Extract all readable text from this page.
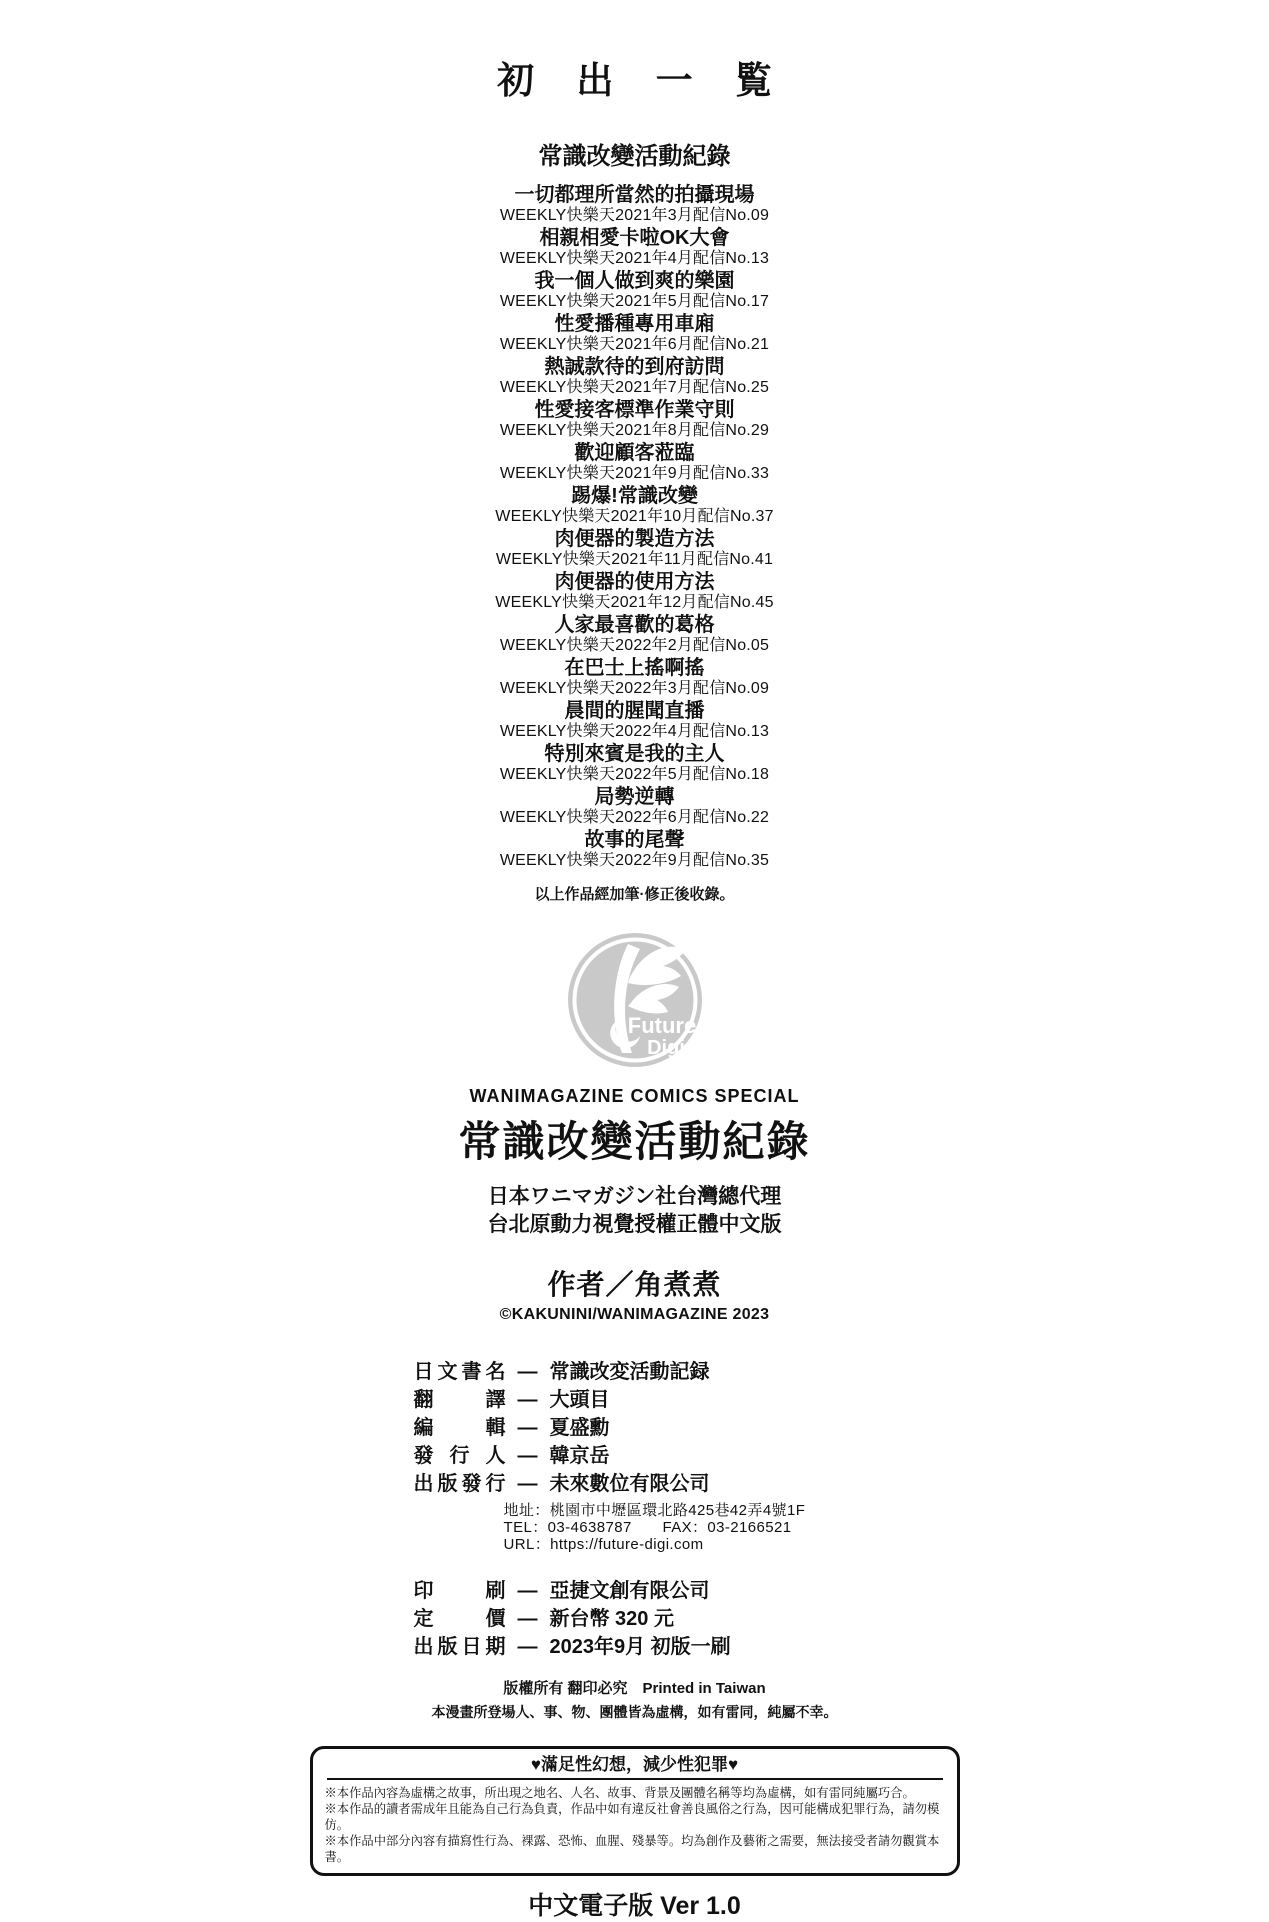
初 出 一 覧
常識改變活動紀錄
一切都理所當然的拍攝現場
WEEKLY快樂天2021年3月配信No.09
相親相愛卡啦OK大會
WEEKLY快樂天2021年4月配信No.13
我一個人做到爽的樂園
WEEKLY快樂天2021年5月配信No.17
性愛播種專用車廂
WEEKLY快樂天2021年6月配信No.21
熱誠款待的到府訪問
WEEKLY快樂天2021年7月配信No.25
性愛接客標準作業守則
WEEKLY快樂天2021年8月配信No.29
歡迎顧客蒞臨
WEEKLY快樂天2021年9月配信No.33
踢爆!常識改變
WEEKLY快樂天2021年10月配信No.37
肉便器的製造方法
WEEKLY快樂天2021年11月配信No.41
肉便器的使用方法
WEEKLY快樂天2021年12月配信No.45
人家最喜歡的葛格
WEEKLY快樂天2022年2月配信No.05
在巴士上搖啊搖
WEEKLY快樂天2022年3月配信No.09
晨間的腥聞直播
WEEKLY快樂天2022年4月配信No.13
特別來賓是我的主人
WEEKLY快樂天2022年5月配信No.18
局勢逆轉
WEEKLY快樂天2022年6月配信No.22
故事的尾聲
WEEKLY快樂天2022年9月配信No.35

以上作品經加筆·修正後收錄。

Future
Digi
WANIMAGAZINE COMICS SPECIAL
常識改變活動紀錄

日本ワニマガジン社台灣總代理

台北原動力視覺授權正體中文版

作者／角煮煮
©KAKUNINI/WANIMAGAZINE 2023
日文書名 — 常識改変活動記録
翻譯 — 大頭目
編輯 — 夏盛勳
發行人 — 韓京岳
出版發行 — 未來數位有限公司

地址：桃園市中壢區環北路425巷42弄4號1F

TEL：03-4638787　　FAX：03-2166521

URL：https://future-digi.com

印刷 — 亞捷文創有限公司
定價 — 新台幣 320 元
出版日期 — 2023年9月 初版一刷

版權所有 翻印必究　Printed in Taiwan

本漫畫所登場人、事、物、團體皆為虛構，如有雷同，純屬不幸。

♥滿足性幻想，減少性犯罪♥

※本作品內容為虛構之故事，所出現之地名、人名、故事、背景及團體名稱等均為虛構，如有雷同純屬巧合。

※本作品的讀者需成年且能為自己行為負責，作品中如有違反社會善良風俗之行為，因可能構成犯罪行為，請勿模仿。

※本作品中部分內容有描寫性行為、裸露、恐怖、血腥、殘暴等。均為創作及藝術之需要，無法接受者請勿觀賞本書。

中文電子版 Ver 1.0
